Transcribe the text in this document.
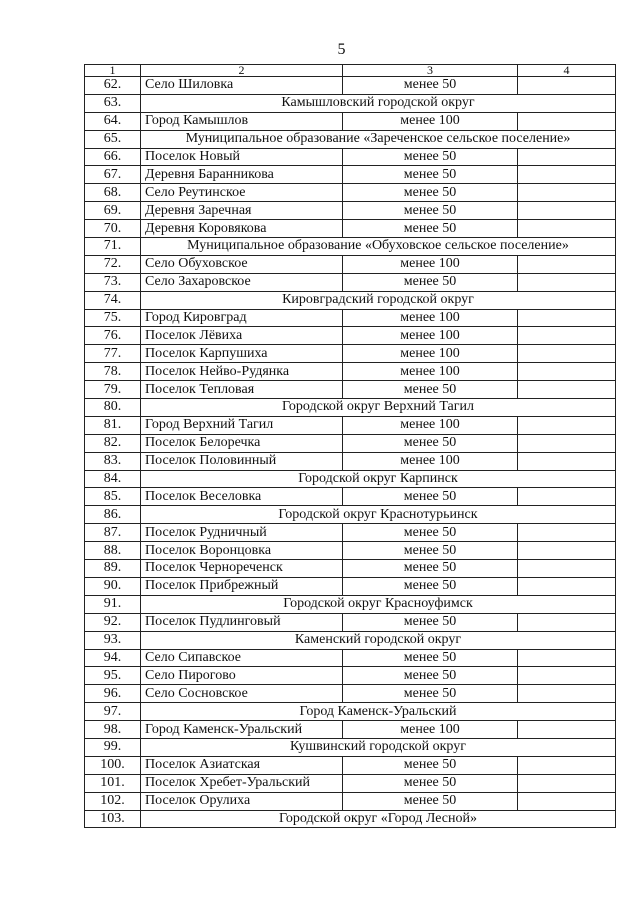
5
1	2	3	4
62.	Село Шиловка	менее 50	
63.	Камышловский городской округ		
64.	Город Камышлов	менее 100	
65.	Муниципальное образование «Зареченское сельское поселение»		
66.	Поселок Новый	менее 50	
67.	Деревня Баранникова	менее 50	
68.	Село Реутинское	менее 50	
69.	Деревня Заречная	менее 50	
70.	Деревня Коровякова	менее 50	
71.	Муниципальное образование «Обуховское сельское поселение»		
72.	Село Обуховское	менее 100	
73.	Село Захаровское	менее 50	
74.	Кировградский городской округ		
75.	Город Кировград	менее 100	
76.	Поселок Лёвиха	менее 100	
77.	Поселок Карпушиха	менее 100	
78.	Поселок Нейво-Рудянка	менее 100	
79.	Поселок Тепловая	менее 50	
80.	Городской округ Верхний Тагил		
81.	Город Верхний Тагил	менее 100	
82.	Поселок Белоречка	менее 50	
83.	Поселок Половинный	менее 100	
84.	Городской округ Карпинск		
85.	Поселок Веселовка	менее 50	
86.	Городской округ Краснотурьинск		
87.	Поселок Рудничный	менее 50	
88.	Поселок Воронцовка	менее 50	
89.	Поселок Чернореченск	менее 50	
90.	Поселок Прибрежный	менее 50	
91.	Городской округ Красноуфимск		
92.	Поселок Пудлинговый	менее 50	
93.	Каменский городской округ		
94.	Село Сипавское	менее 50	
95.	Село Пирогово	менее 50	
96.	Село Сосновское	менее 50	
97.	Город Каменск-Уральский		
98.	Город Каменск-Уральский	менее 100	
99.	Кушвинский городской округ		
100.	Поселок Азиатская	менее 50	
101.	Поселок Хребет-Уральский	менее 50	
102.	Поселок Орулиха	менее 50	
103.	Городской округ «Город Лесной»		
